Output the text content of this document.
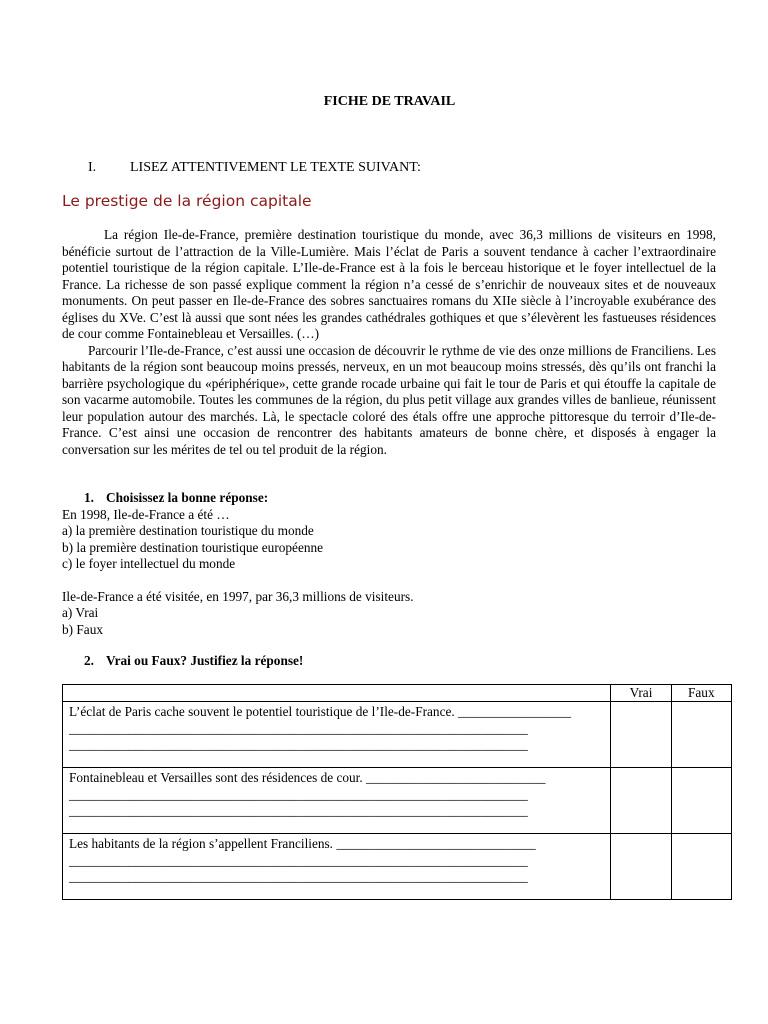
FICHE DE TRAVAIL
I. LISEZ ATTENTIVEMENT LE TEXTE SUIVANT:
Le prestige de la région capitale

La région Ile-de-France, première destination touristique du monde, avec 36,3 millions de visiteurs en 1998, bénéficie surtout de l’attraction de la Ville-Lumière. Mais l’éclat de Paris a souvent tendance à cacher l’extraordinaire potentiel touristique de la région capitale. L’Ile-de-France est à la fois le berceau historique et le foyer intellectuel de la France. La richesse de son passé explique comment la région n’a cessé de s’enrichir de nouveaux sites et de nouveaux monuments. On peut passer en Ile-de-France des sobres sanctuaires romans du XIIe siècle à l’incroyable exubérance des églises du XVe. C’est là aussi que sont nées les grandes cathédrales gothiques et que s’élevèrent les fastueuses résidences de cour comme Fontainebleau et Versailles. (…)

Parcourir l’Ile-de-France, c’est aussi une occasion de découvrir le rythme de vie des onze millions de Franciliens. Les habitants de la région sont beaucoup moins pressés, nerveux, en un mot beaucoup moins stressés, dès qu’ils ont franchi la barrière psychologique du «périphérique», cette grande rocade urbaine qui fait le tour de Paris et qui étouffe la capitale de son vacarme automobile. Toutes les communes de la région, du plus petit village aux grandes villes de banlieue, réunissent leur population autour des marchés. Là, le spectacle coloré des étals offre une approche pittoresque du terroir d’Ile-de-France. C’est ainsi une occasion de rencontrer des habitants amateurs de bonne chère, et disposés à engager la conversation sur les mérites de tel ou tel produit de la région.

1. Choisissez la bonne réponse:
En 1998, Ile-de-France a été …
a) la première destination touristique du monde
b) la première destination touristique européenne
c) le foyer intellectuel du monde
Ile-de-France a été visitée, en 1997, par 36,3 millions de visiteurs.
a) Vrai
b) Faux
2. Vrai ou Faux? Justifiez la réponse!
	Vrai	Faux

L’éclat de Paris cache souvent le potentiel touristique de l’Ile-de-France. _________________
_____________________________________________________________________
_____________________________________________________________________		

Fontainebleau et Versailles sont des résidences de cour. ___________________________
_____________________________________________________________________
_____________________________________________________________________		

Les habitants de la région s’appellent Franciliens. ______________________________
_____________________________________________________________________
_____________________________________________________________________		
